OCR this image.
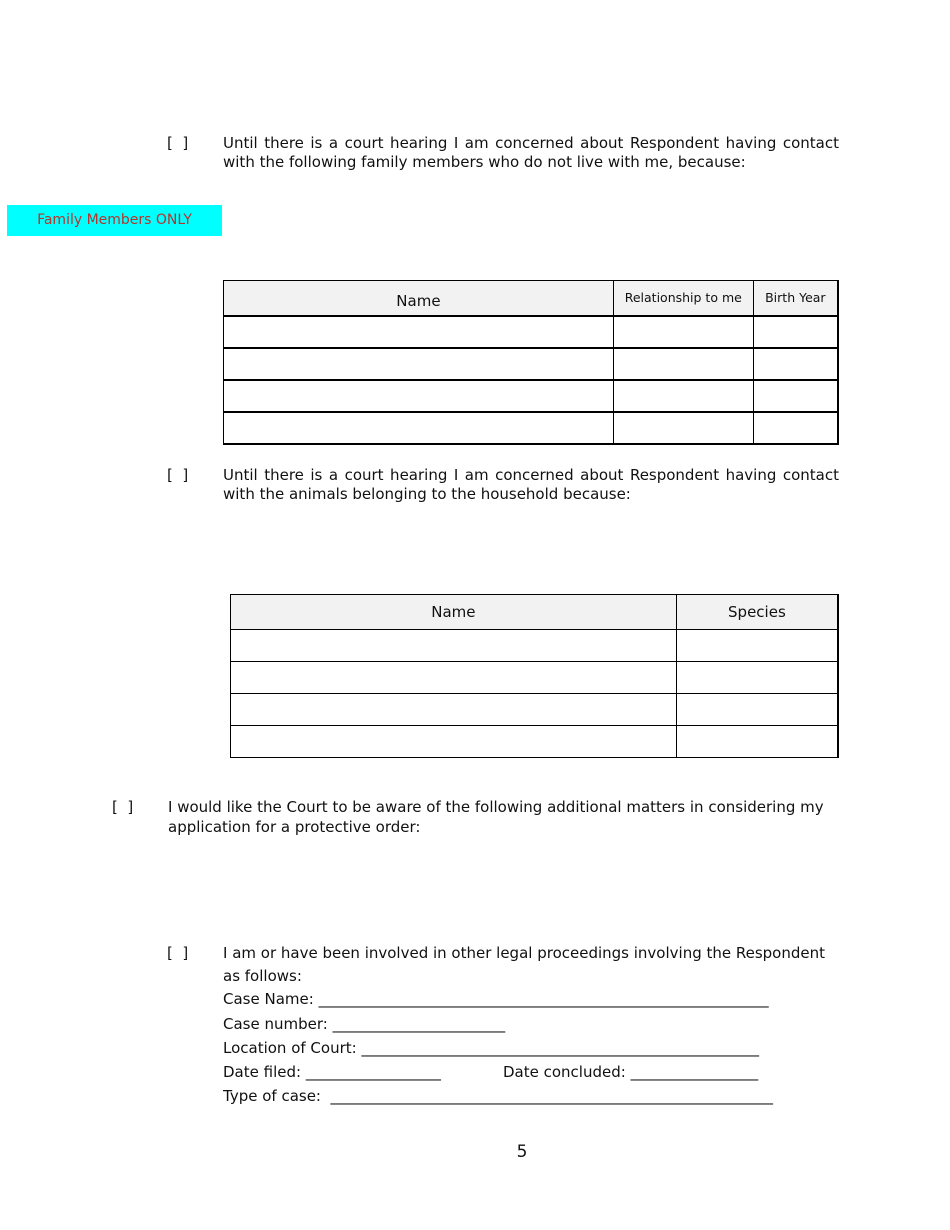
[  ] Until there is a court hearing I am concerned about Respondent having contact
with the following family members who do not live with me, because:
Family Members ONLY
Name	Relationship to me	Birth Year

[  ] Until there is a court hearing I am concerned about Respondent having contact
with the animals belonging to the household because:
Name	Species

[  ] I would like the Court to be aware of the following additional matters in considering my
application for a protective order:
[  ] I am or have been involved in other legal proceedings involving the Respondent
as follows:
Case Name: ____________________________________________________________
Case number: _______________________
Location of Court: _____________________________________________________
Date filed: __________________	Date concluded: _________________
Type of case: ___________________________________________________________
5
